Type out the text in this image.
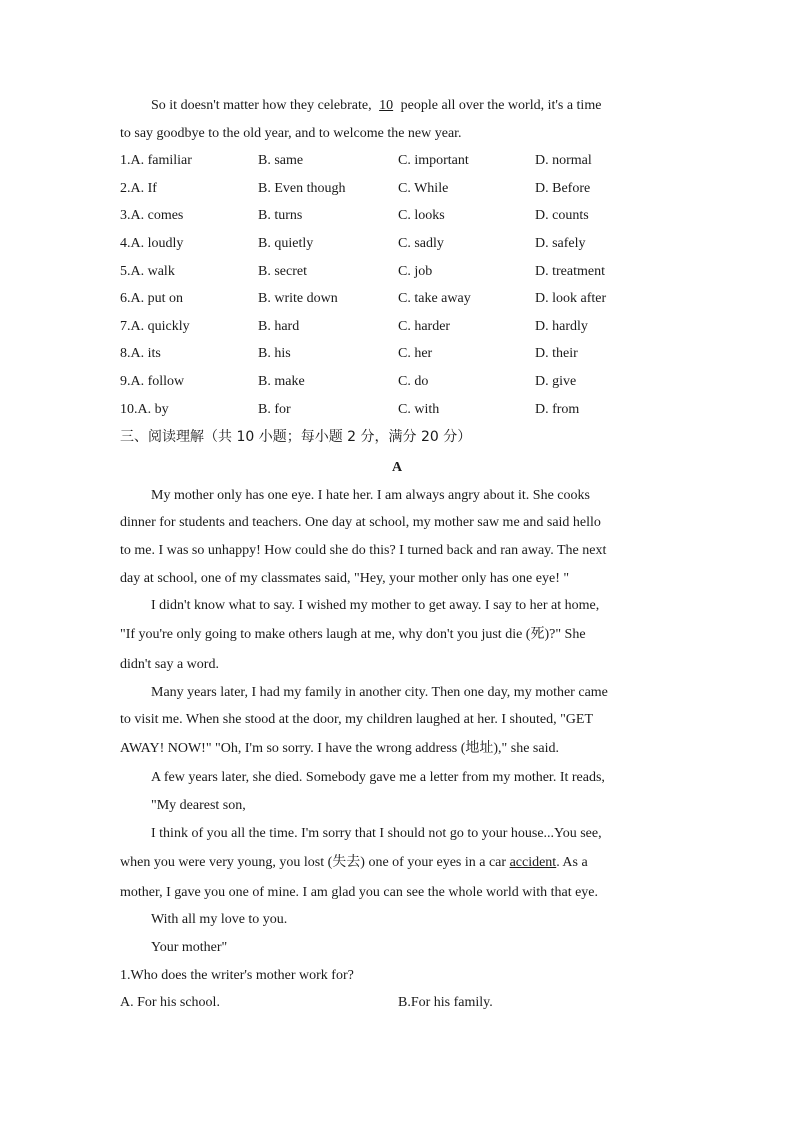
So it doesn't matter how they celebrate, 10 people all over the world, it's a time
to say goodbye to the old year, and to welcome the new year.
1.A. familiar	B. same	C. important	D. normal
2.A. If	B. Even though	C. While	D. Before
3.A. comes	B. turns	C. looks	D. counts
4.A. loudly	B. quietly	C. sadly	D. safely
5.A. walk	B. secret	C. job	D. treatment
6.A. put on	B. write down	C. take away	D. look after
7.A. quickly	B. hard	C. harder	D. hardly
8.A. its	B. his	C. her	D. their
9.A. follow	B. make	C. do	D. give
10.A. by	B. for	C. with	D. from
三、阅读理解（共 10 小题；每小题 2 分，满分 20 分）
A
My mother only has one eye. I hate her. I am always angry about it. She cooks
dinner for students and teachers. One day at school, my mother saw me and said hello
to me. I was so unhappy! How could she do this? I turned back and ran away. The next
day at school, one of my classmates said, "Hey, your mother only has one eye! "
I didn't know what to say. I wished my mother to get away. I say to her at home,
"If you're only going to make others laugh at me, why don't you just die (死)?" She
didn't say a word.
Many years later, I had my family in another city. Then one day, my mother came
to visit me. When she stood at the door, my children laughed at her. I shouted, "GET
AWAY! NOW!" "Oh, I'm so sorry. I have the wrong address (地址)," she said.
A few years later, she died. Somebody gave me a letter from my mother. It reads,
"My dearest son,
I think of you all the time. I'm sorry that I should not go to your house...You see,
when you were very young, you lost (失去) one of your eyes in a car accident. As a
mother, I gave you one of mine. I am glad you can see the whole world with that eye.
With all my love to you.
Your mother"
1.Who does the writer's mother work for?
A. For his school.	B.For his family.
